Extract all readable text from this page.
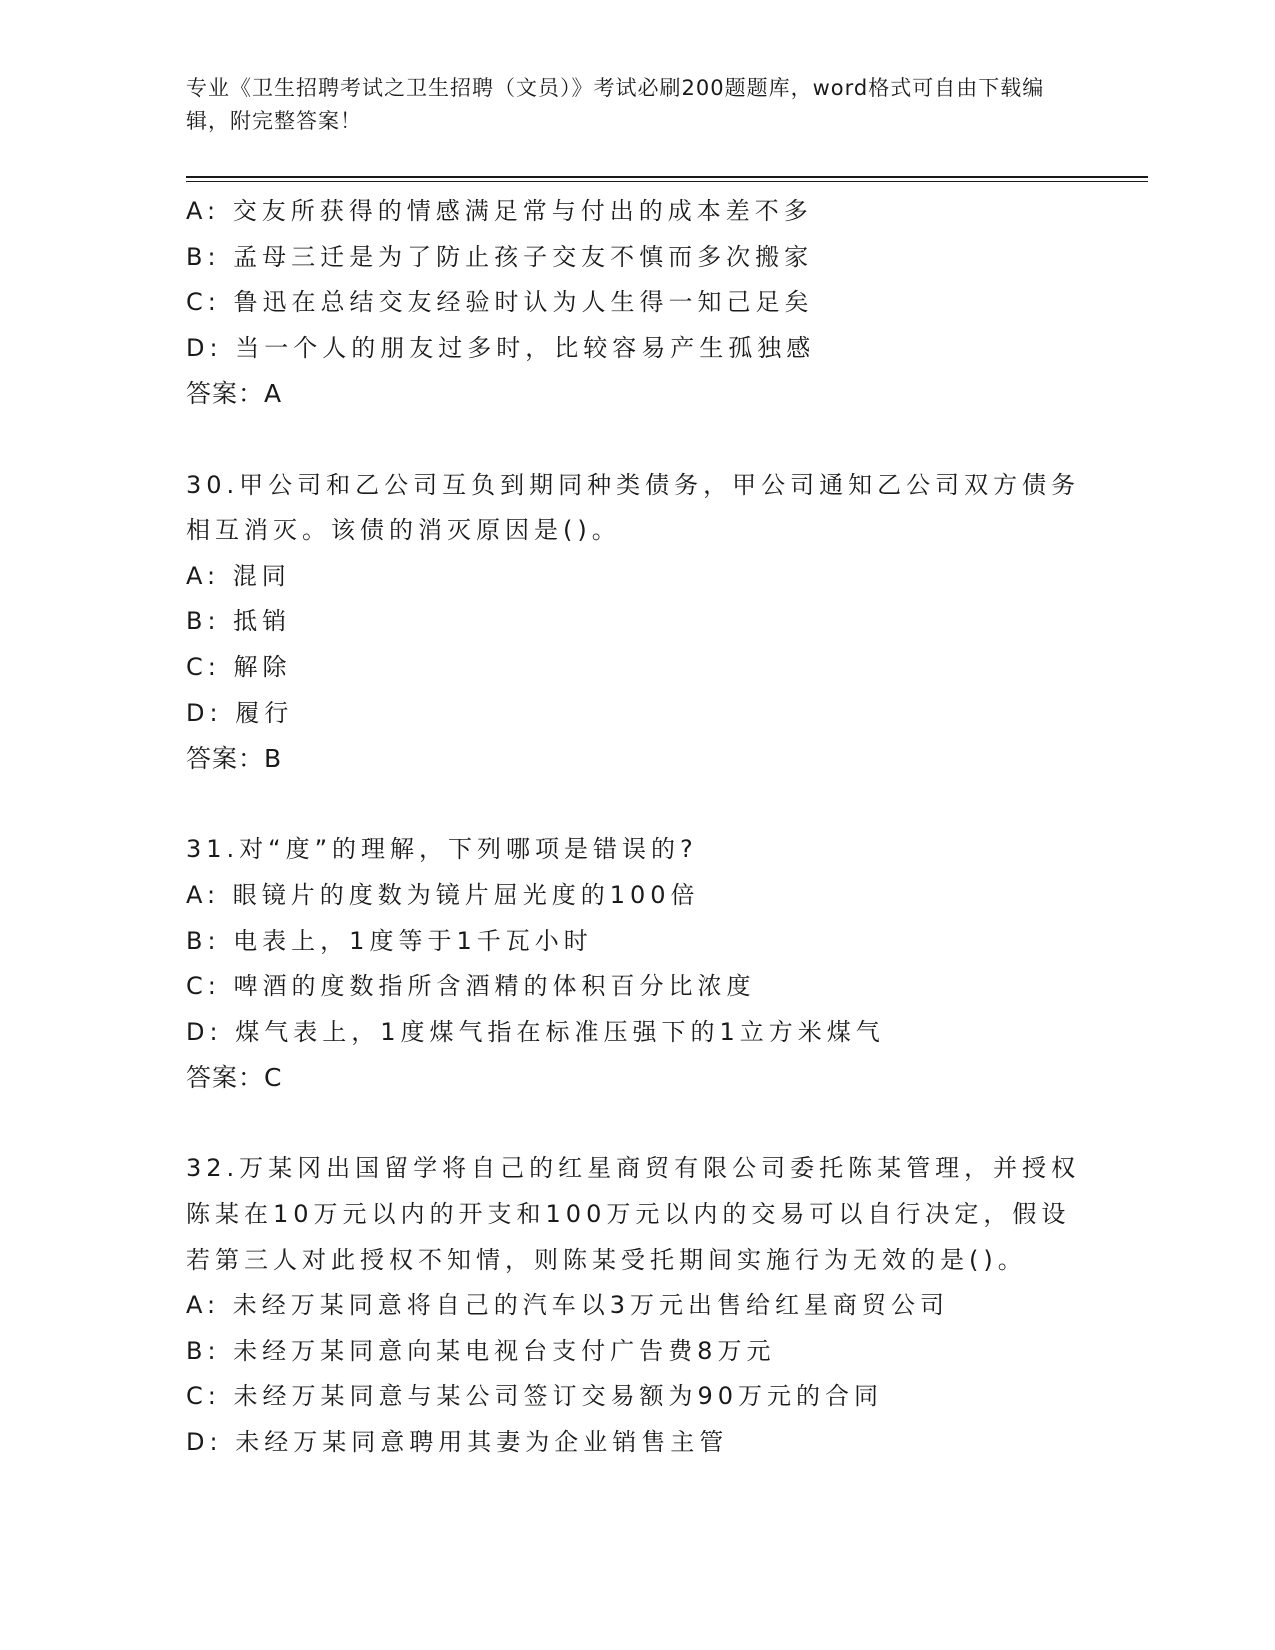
专业《卫生招聘考试之卫生招聘（文员）》考试必刷200题题库，word格式可自由下载编辑，附完整答案！
A: 交友所获得的情感满足常与付出的成本差不多
B: 孟母三迁是为了防止孩子交友不慎而多次搬家
C: 鲁迅在总结交友经验时认为人生得一知己足矣
D: 当一个人的朋友过多时，比较容易产生孤独感
答案：A
30.甲公司和乙公司互负到期同种类债务，甲公司通知乙公司双方债务
相互消灭。该债的消灭原因是()。
A: 混同
B: 抵销
C: 解除
D: 履行
答案：B
31.对“度”的理解，下列哪项是错误的?
A: 眼镜片的度数为镜片屈光度的100倍
B: 电表上，1度等于1千瓦小时
C: 啤酒的度数指所含酒精的体积百分比浓度
D: 煤气表上，1度煤气指在标准压强下的1立方米煤气
答案：C
32.万某冈出国留学将自己的红星商贸有限公司委托陈某管理，并授权
陈某在10万元以内的开支和100万元以内的交易可以自行决定，假设
若第三人对此授权不知情，则陈某受托期间实施行为无效的是()。
A: 未经万某同意将自己的汽车以3万元出售给红星商贸公司
B: 未经万某同意向某电视台支付广告费8万元
C: 未经万某同意与某公司签订交易额为90万元的合同
D: 未经万某同意聘用其妻为企业销售主管
